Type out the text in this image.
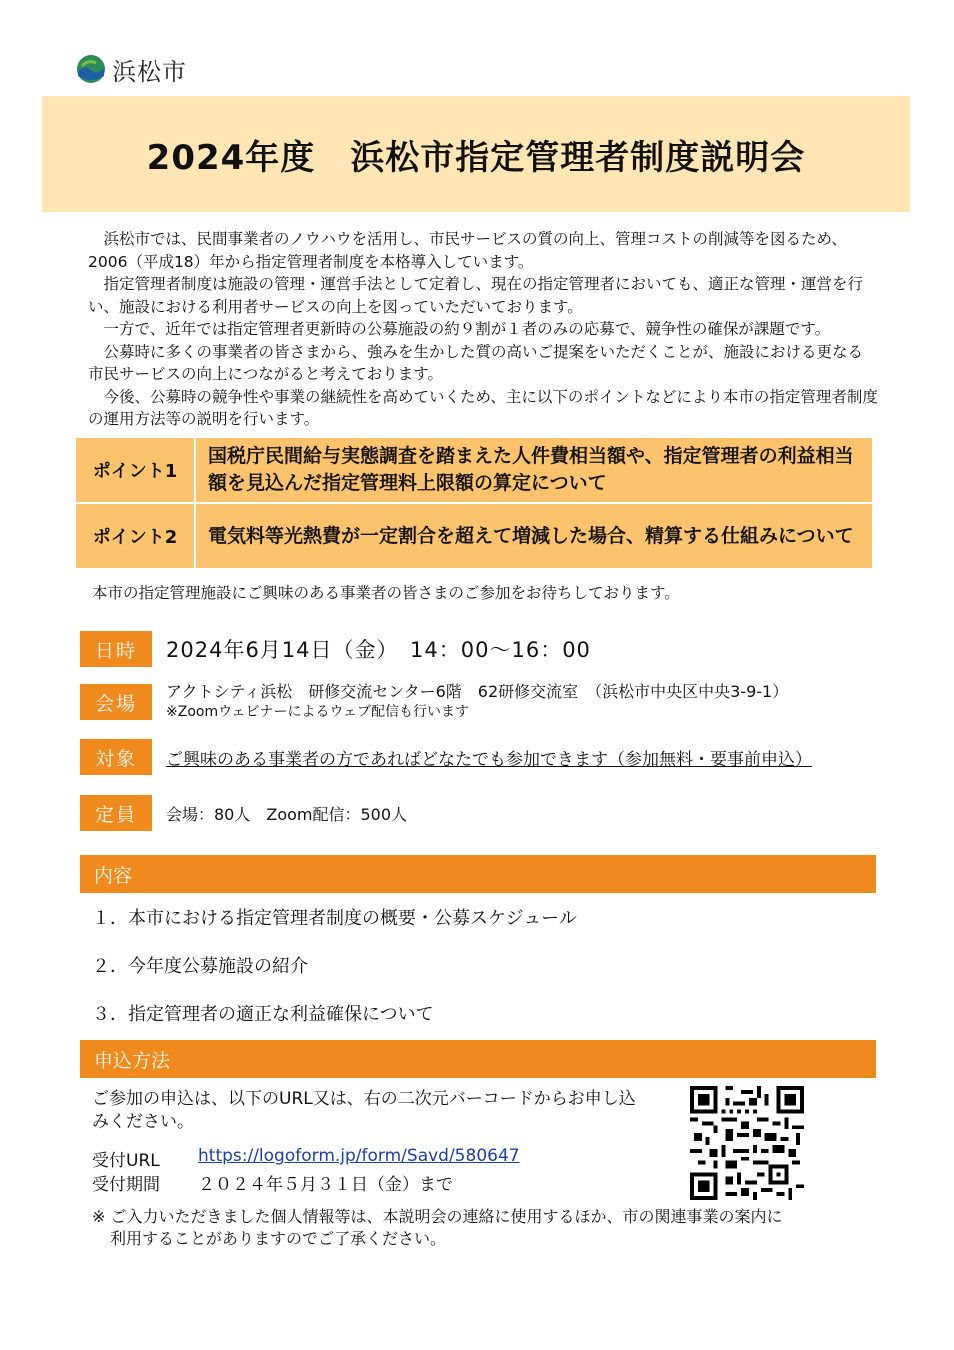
浜松市
2024年度　浜松市指定管理者制度説明会

浜松市では、民間事業者のノウハウを活用し、市民サービスの質の向上、管理コストの削減等を図るため、2006（平成18）年から指定管理者制度を本格導入しています。

指定管理者制度は施設の管理・運営手法として定着し、現在の指定管理者においても、適正な管理・運営を行い、施設における利用者サービスの向上を図っていただいております。

一方で、近年では指定管理者更新時の公募施設の約９割が１者のみの応募で、競争性の確保が課題です。

公募時に多くの事業者の皆さまから、強みを生かした質の高いご提案をいただくことが、施設における更なる市民サービスの向上につながると考えております。

今後、公募時の競争性や事業の継続性を高めていくため、主に以下のポイントなどにより本市の指定管理者制度の運用方法等の説明を行います。

ポイント1	国税庁民間給与実態調査を踏まえた人件費相当額や、指定管理者の利益相当額を見込んだ指定管理料上限額の算定について
ポイント2	電気料等光熱費が一定割合を超えて増減した場合、精算する仕組みについて
本市の指定管理施設にご興味のある事業者の皆さまのご参加をお待ちしております。
日時	2024年6月14日（金）　14：00～16：00
会場
アクトシティ浜松　研修交流センター6階　62研修交流室　（浜松市中央区中央3-9-1）
※Zoomウェビナーによるウェブ配信も行います
対象	ご興味のある事業者の方であればどなたでも参加できます（参加無料・要事前申込）
定員	会場：80人　Zoom配信：500人
内容
１．本市における指定管理者制度の概要・公募スケジュール
２．今年度公募施設の紹介
３．指定管理者の適正な利益確保について
申込方法
ご参加の申込は、以下のURL又は、右の二次元バーコードからお申し込みください。
受付URL	https://logoform.jp/form/Savd/580647
受付期間	２０２４年５月３１日（金）まで
※ ご入力いただきました個人情報等は、本説明会の連絡に使用するほか、市の関連事業の案内に
利用することがありますのでご了承ください。
